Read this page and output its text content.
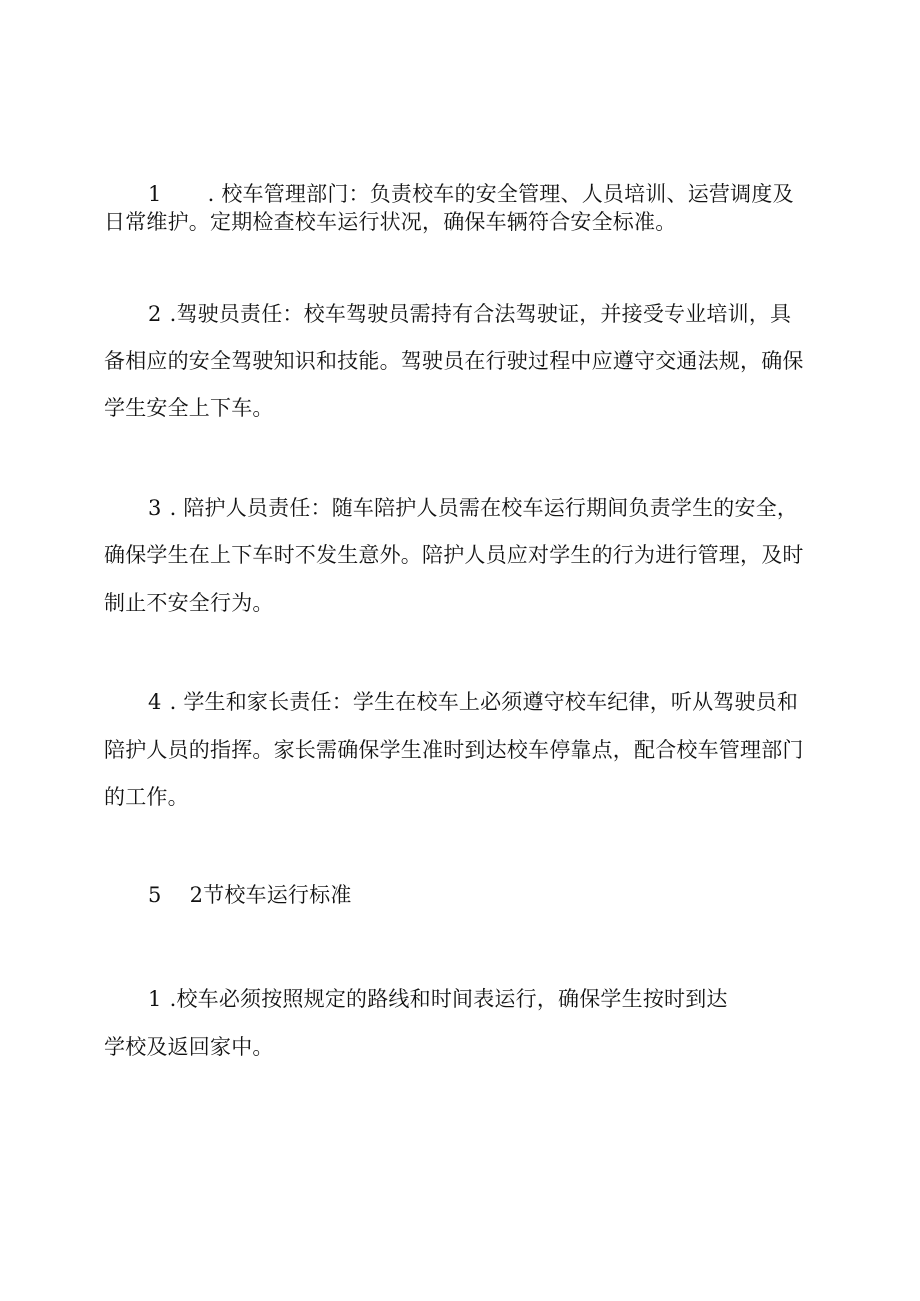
1 . 校车管理部门：负责校车的安全管理、人员培训、运营调度及
日常维护。定期检查校车运行状况，确保车辆符合安全标准。
2 .驾驶员责任：校车驾驶员需持有合法驾驶证，并接受专业培训，具
备相应的安全驾驶知识和技能。驾驶员在行驶过程中应遵守交通法规，确保
学生安全上下车。
3 . 陪护人员责任：随车陪护人员需在校车运行期间负责学生的安全，
确保学生在上下车时不发生意外。陪护人员应对学生的行为进行管理，及时
制止不安全行为。
4 . 学生和家长责任：学生在校车上必须遵守校车纪律，听从驾驶员和
陪护人员的指挥。家长需确保学生准时到达校车停靠点，配合校车管理部门
的工作。
5 2节校车运行标准
1 .校车必须按照规定的路线和时间表运行，确保学生按时到达
学校及返回家中。
